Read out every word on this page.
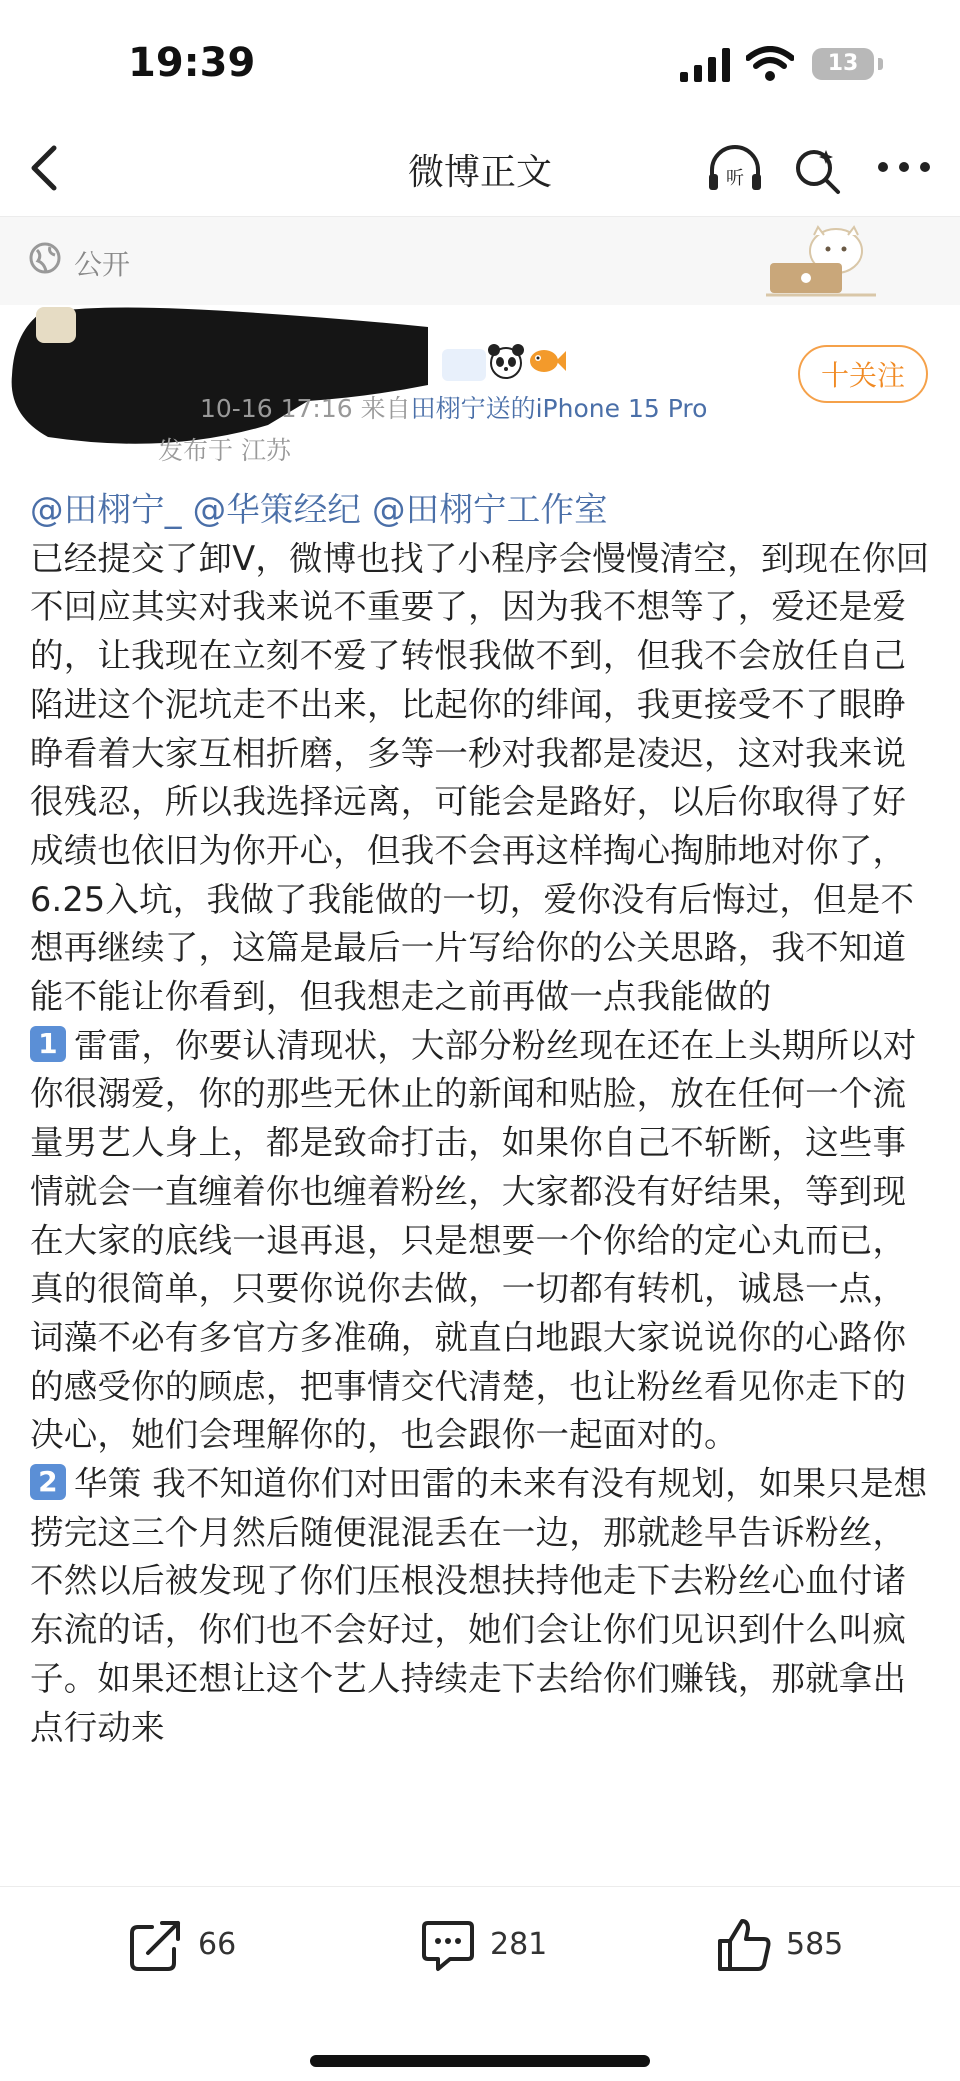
19:39	13
微博正文	听
公开
10-16 17:16 来自田栩宁送的iPhone 15 Pro
发布于 江苏
十关注

@田栩宁_ @华策经纪 @田栩宁工作室

已经提交了卸V，微博也找了小程序会慢慢清空，到现在你回不回应其实对我来说不重要了，因为我不想等了，爱还是爱的，让我现在立刻不爱了转恨我做不到，但我不会放任自己陷进这个泥坑走不出来，比起你的绯闻，我更接受不了眼睁睁看着大家互相折磨，多等一秒对我都是凌迟，这对我来说很残忍，所以我选择远离，可能会是路好，以后你取得了好成绩也依旧为你开心，但我不会再这样掏心掏肺地对你了，6.25入坑，我做了我能做的一切，爱你没有后悔过，但是不想再继续了，这篇是最后一片写给你的公关思路，我不知道能不能让你看到，但我想走之前再做一点我能做的

1 雷雷，你要认清现状，大部分粉丝现在还在上头期所以对你很溺爱，你的那些无休止的新闻和贴脸，放在任何一个流量男艺人身上，都是致命打击，如果你自己不斩断，这些事情就会一直缠着你也缠着粉丝，大家都没有好结果，等到现在大家的底线一退再退，只是想要一个你给的定心丸而已，真的很简单，只要你说你去做，一切都有转机，诚恳一点，词藻不必有多官方多准确，就直白地跟大家说说你的心路你的感受你的顾虑，把事情交代清楚，也让粉丝看见你走下的决心，她们会理解你的，也会跟你一起面对的。

2 华策 我不知道你们对田雷的未来有没有规划，如果只是想捞完这三个月然后随便混混丢在一边，那就趁早告诉粉丝，不然以后被发现了你们压根没想扶持他走下去粉丝心血付诸东流的话，你们也不会好过，她们会让你们见识到什么叫疯子。如果还想让这个艺人持续走下去给你们赚钱，那就拿出点行动来

66	281	585
